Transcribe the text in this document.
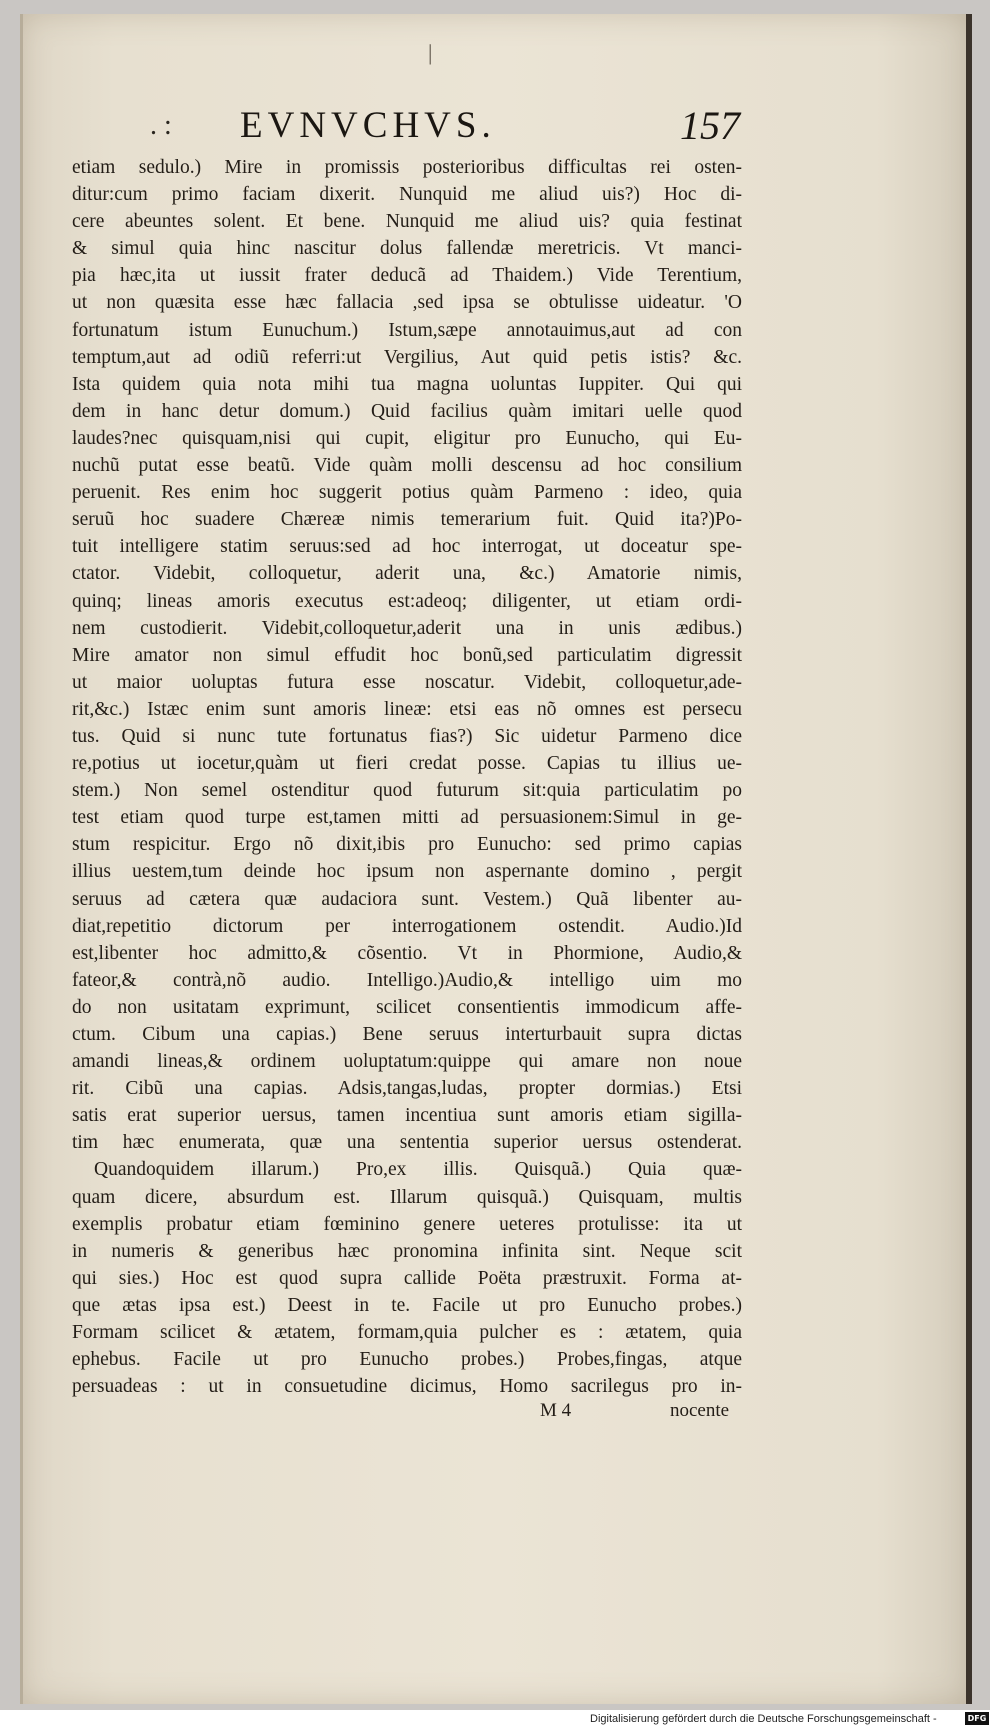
|
. : EVNVCHVS.	157
etiam sedulo.) Mire in promissis posterioribus difficultas rei osten-
ditur:cum primo faciam dixerit. Nunquid me aliud uis?) Hoc di-
cere abeuntes solent. Et bene. Nunquid me aliud uis? quia festinat
& simul quia hinc nascitur dolus fallendæ meretricis. Vt manci-
pia hæc,ita ut iussit frater deducã ad Thaidem.) Vide Terentium,
ut non quæsita esse hæc fallacia ,sed ipsa se obtulisse uideatur. 'O
fortunatum istum Eunuchum.) Istum,sæpe annotauimus,aut ad con
temptum,aut ad odiũ referri:ut Vergilius, Aut quid petis istis? &c.
Ista quidem quia nota mihi tua magna uoluntas Iuppiter. Qui qui
dem in hanc detur domum.) Quid facilius quàm imitari uelle quod
laudes?nec quisquam,nisi qui cupit, eligitur pro Eunucho, qui Eu-
nuchũ putat esse beatũ. Vide quàm molli descensu ad hoc consilium
peruenit. Res enim hoc suggerit potius quàm Parmeno : ideo, quia
seruũ hoc suadere Chæreæ nimis temerarium fuit. Quid ita?)Po-
tuit intelligere statim seruus:sed ad hoc interrogat, ut doceatur spe-
ctator. Videbit, colloquetur, aderit una, &c.) Amatorie nimis,
quinq; lineas amoris executus est:adeoq; diligenter, ut etiam ordi-
nem custodierit. Videbit,colloquetur,aderit una in unis ædibus.)
Mire amator non simul effudit hoc bonũ,sed particulatim digressit
ut maior uoluptas futura esse noscatur. Videbit, colloquetur,ade-
rit,&c.) Istæc enim sunt amoris lineæ: etsi eas nõ omnes est persecu
tus. Quid si nunc tute fortunatus fias?) Sic uidetur Parmeno dice
re,potius ut iocetur,quàm ut fieri credat posse. Capias tu illius ue-
stem.) Non semel ostenditur quod futurum sit:quia particulatim po
test etiam quod turpe est,tamen mitti ad persuasionem:Simul in ge-
stum respicitur. Ergo nõ dixit,ibis pro Eunucho: sed primo capias
illius uestem,tum deinde hoc ipsum non aspernante domino , pergit
seruus ad cætera quæ audaciora sunt. Vestem.) Quã libenter au-
diat,repetitio dictorum per interrogationem ostendit. Audio.)Id
est,libenter hoc admitto,& cõsentio. Vt in Phormione, Audio,&
fateor,& contrà,nõ audio. Intelligo.)Audio,& intelligo uim mo
do non usitatam exprimunt, scilicet consentientis immodicum affe-
ctum. Cibum una capias.) Bene seruus interturbauit supra dictas
amandi lineas,& ordinem uoluptatum:quippe qui amare non noue
rit. Cibũ una capias. Adsis,tangas,ludas, propter dormias.) Etsi
satis erat superior uersus, tamen incentiua sunt amoris etiam sigilla-
tim hæc enumerata, quæ una sententia superior uersus ostenderat.
Quandoquidem illarum.) Pro,ex illis. Quisquã.) Quia quæ-
quam dicere, absurdum est. Illarum quisquã.) Quisquam, multis
exemplis probatur etiam fœminino genere ueteres protulisse: ita ut
in numeris & generibus hæc pronomina infinita sint. Neque scit
qui sies.) Hoc est quod supra callide Poëta præstruxit. Forma at-
que ætas ipsa est.) Deest in te. Facile ut pro Eunucho probes.)
Formam scilicet & ætatem, formam,quia pulcher es : ætatem, quia
ephebus. Facile ut pro Eunucho probes.) Probes,fingas, atque
persuadeas : ut in consuetudine dicimus, Homo sacrilegus pro in-
M 4	nocente
Digitalisierung gefördert durch die Deutsche Forschungsgemeinschaft -	DFG
